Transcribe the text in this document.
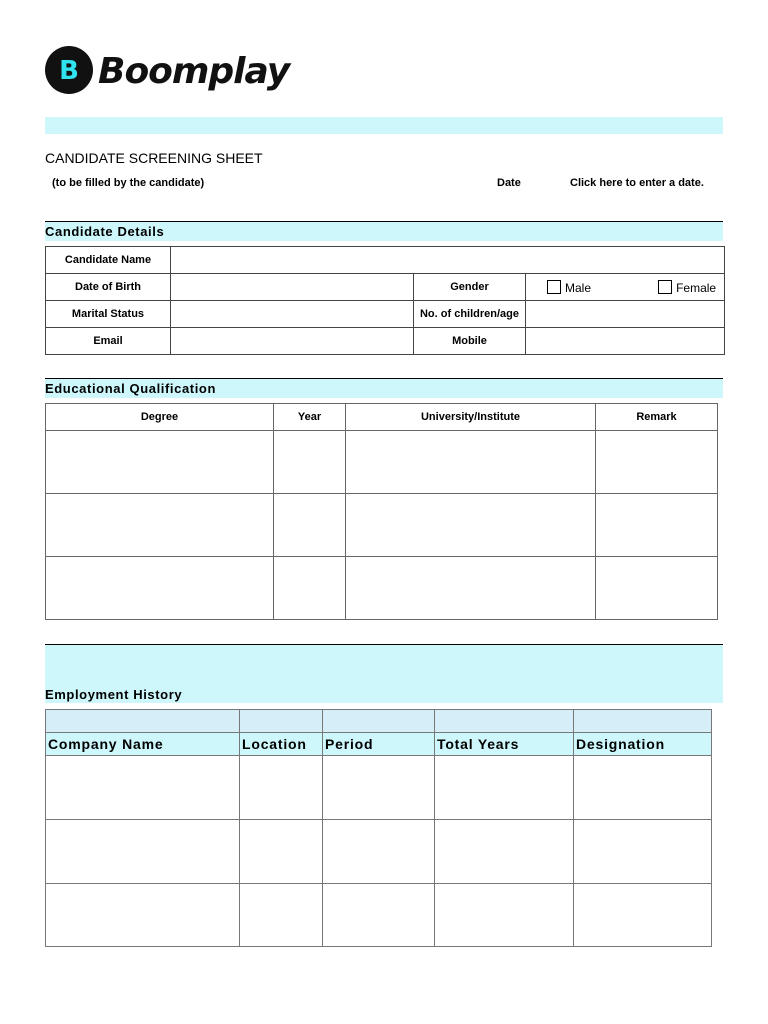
B Boomplay
CANDIDATE SCREENING SHEET
(to be filled by the candidate)	Date	Click here to enter a date.
Candidate Details
Candidate Name			
Date of Birth		Gender	Male Female
Marital Status		No. of children/age	
Email		Mobile	
Educational Qualification
Degree	Year	University/Institute	Remark

Employment History

Company Name	Location	Period	Total Years	Designation
